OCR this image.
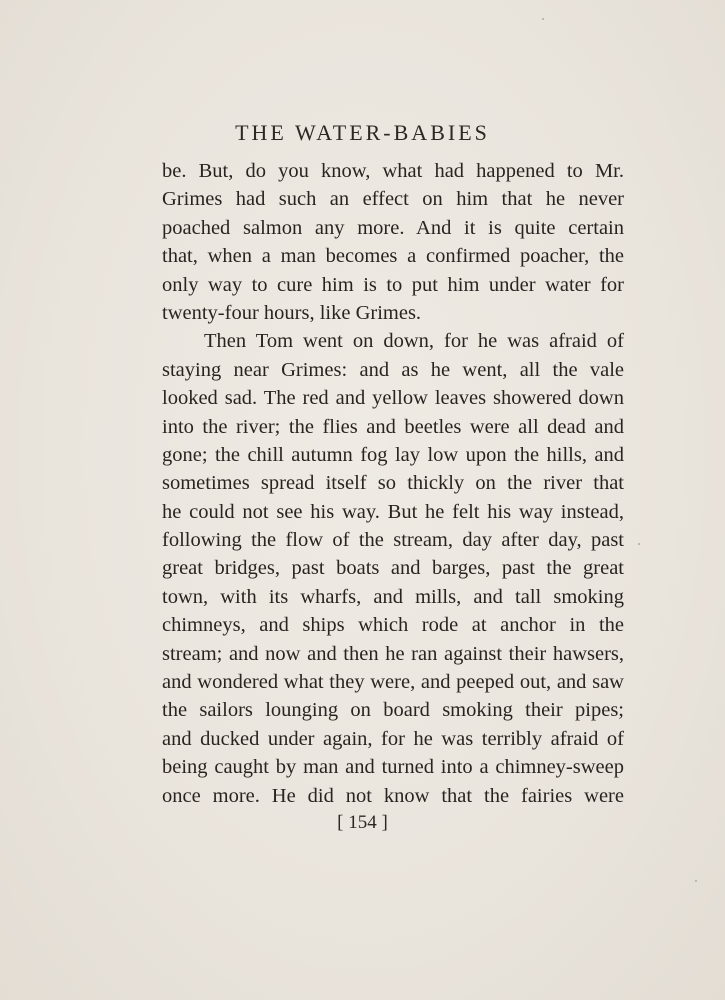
THE WATER-BABIES
be. But, do you know, what had happened to Mr.
Grimes had such an effect on him that he never
poached salmon any more. And it is quite certain
that, when a man becomes a confirmed poacher, the
only way to cure him is to put him under water for
twenty-four hours, like Grimes.
Then Tom went on down, for he was afraid of
staying near Grimes: and as he went, all the vale
looked sad. The red and yellow leaves showered down
into the river; the flies and beetles were all dead and
gone; the chill autumn fog lay low upon the hills, and
sometimes spread itself so thickly on the river that
he could not see his way. But he felt his way instead,
following the flow of the stream, day after day, past
great bridges, past boats and barges, past the great
town, with its wharfs, and mills, and tall smoking
chimneys, and ships which rode at anchor in the
stream; and now and then he ran against their hawsers,
and wondered what they were, and peeped out, and saw
the sailors lounging on board smoking their pipes;
and ducked under again, for he was terribly afraid of
being caught by man and turned into a chimney-sweep
once more. He did not know that the fairies were
[ 154 ]
